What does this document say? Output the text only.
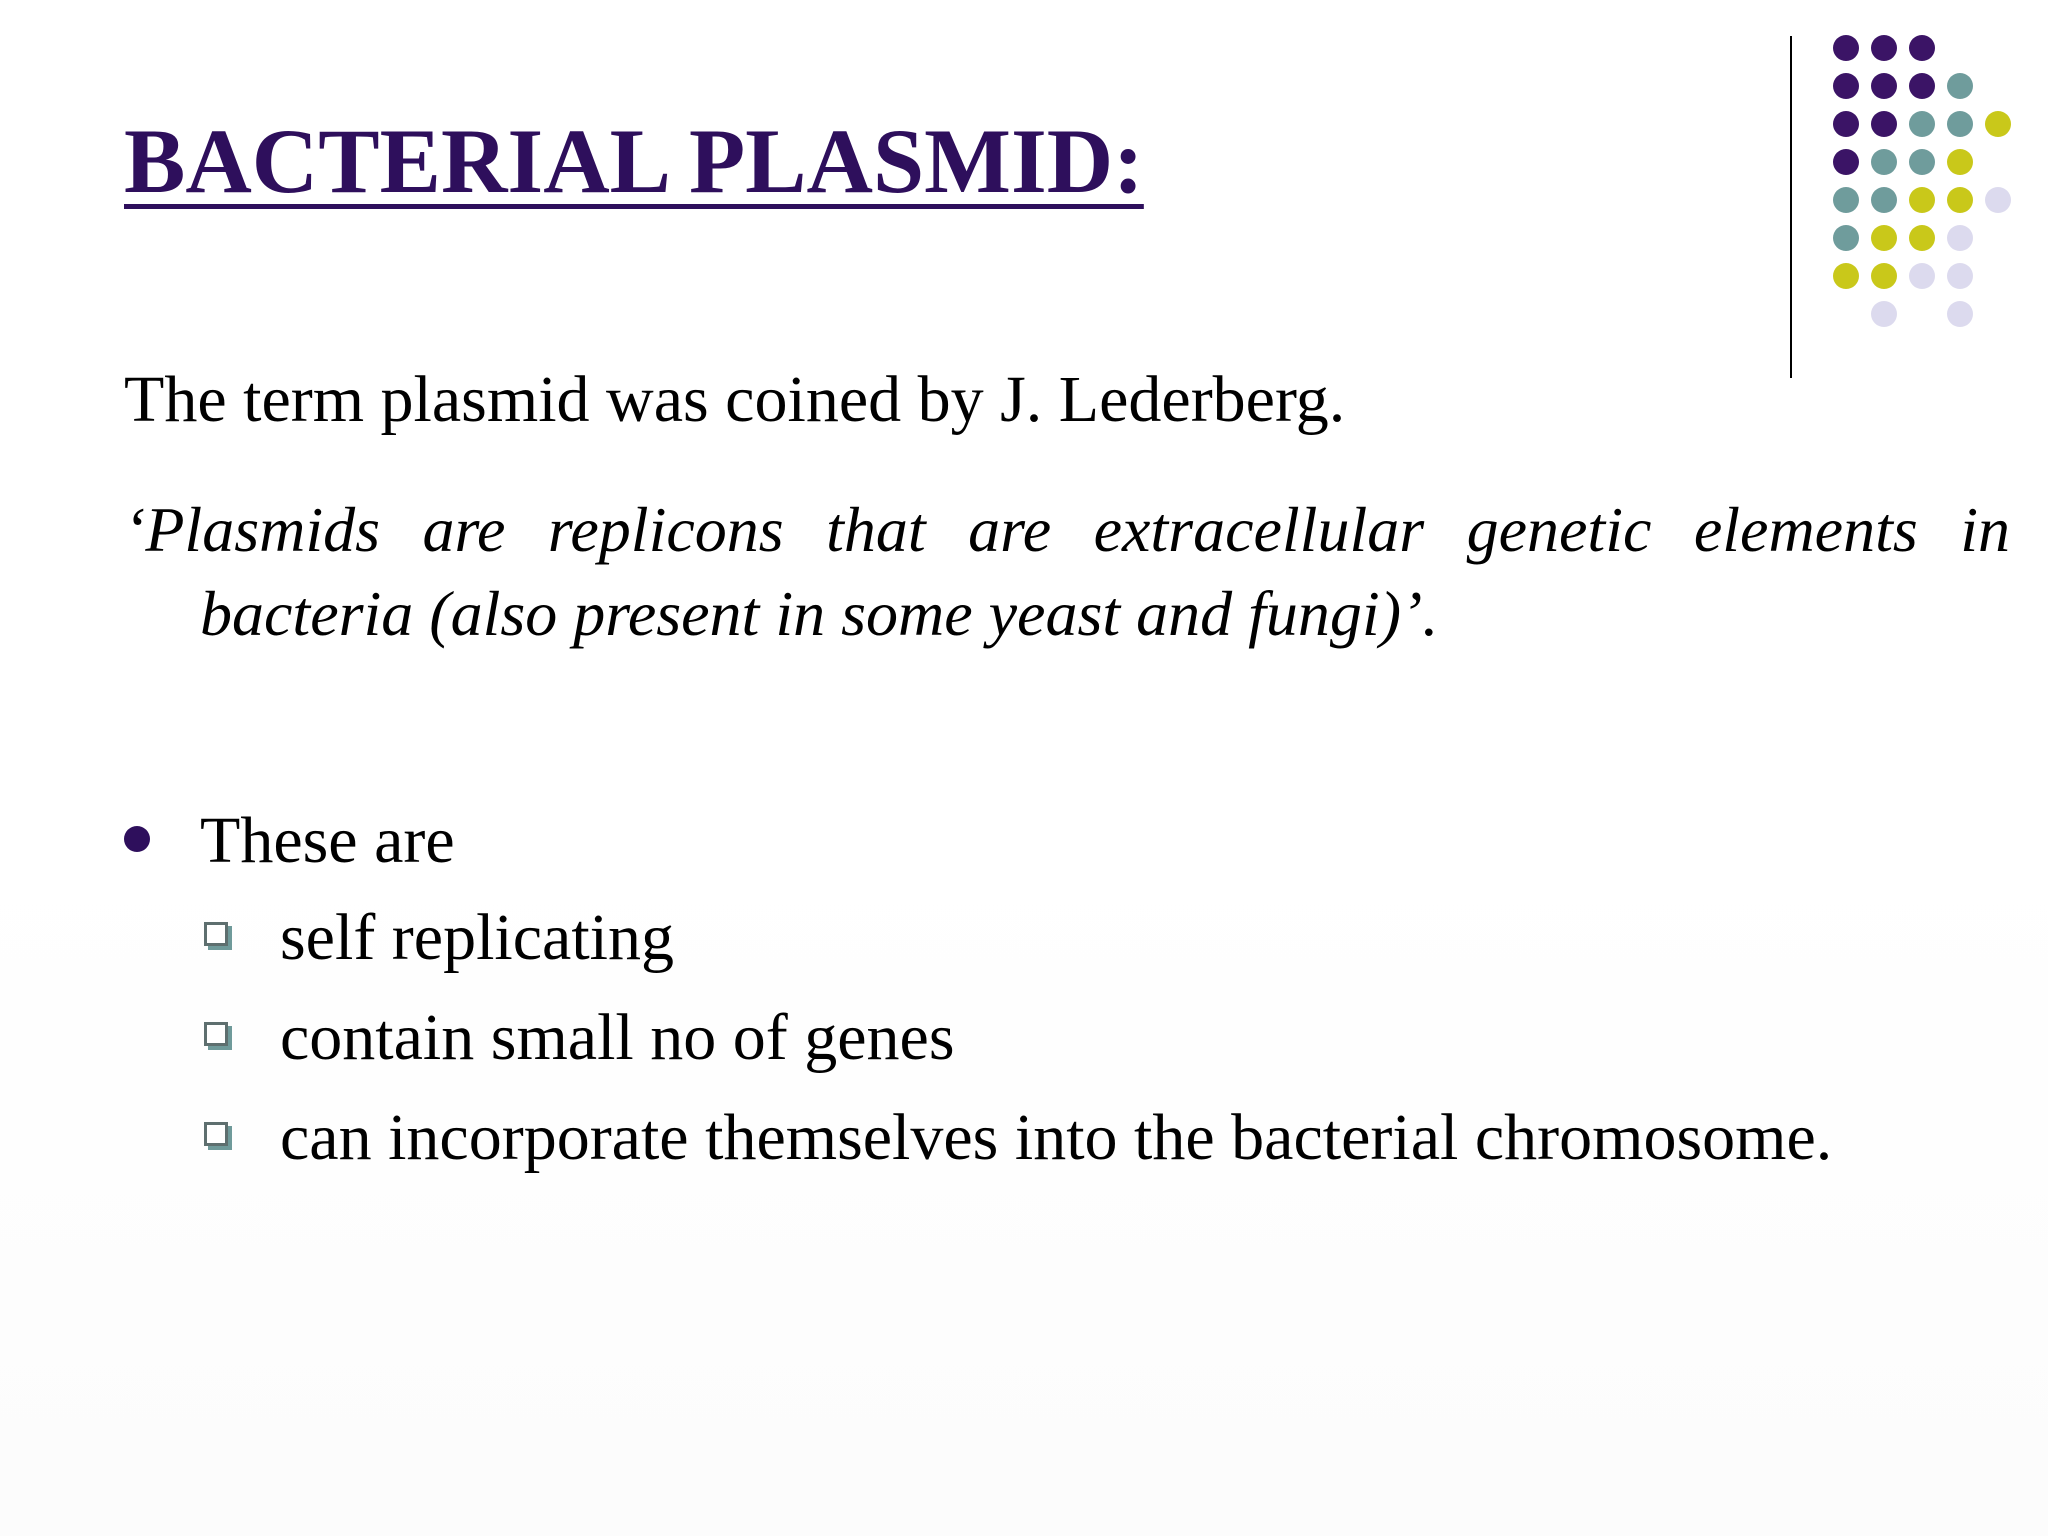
BACTERIAL PLASMID:

The term plasmid was coined by J. Lederberg.

‘Plasmids are replicons that are extracellular genetic elements in bacteria (also present in some yeast and fungi)’.

These are
self replicating
contain small no of genes
can incorporate themselves into the bacterial chromosome.
